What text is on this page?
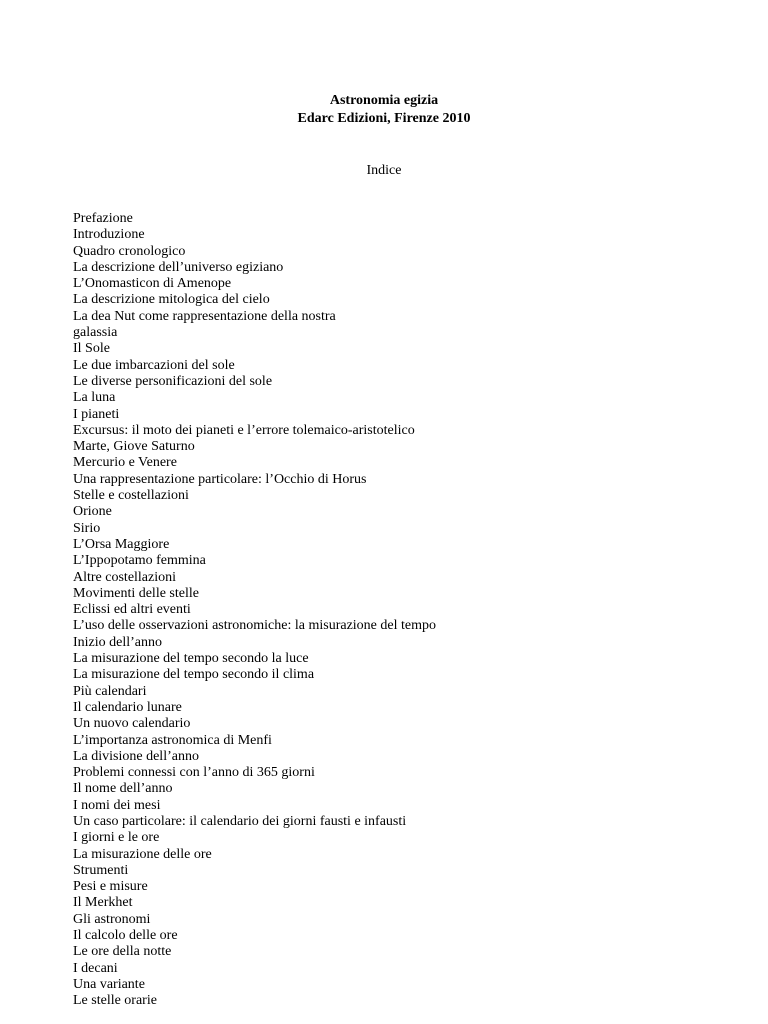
Astronomia egizia
Edarc Edizioni, Firenze 2010
Indice
Prefazione
Introduzione
Quadro cronologico
La descrizione dell’universo egiziano
L’Onomasticon di Amenope
La descrizione mitologica del cielo
La dea Nut come rappresentazione della nostra
galassia
Il Sole
Le due imbarcazioni del sole
Le diverse personificazioni del sole
La luna
I pianeti
Excursus: il moto dei pianeti e l’errore tolemaico-aristotelico
Marte, Giove Saturno
Mercurio e Venere
Una rappresentazione particolare: l’Occhio di Horus
Stelle e costellazioni
Orione
Sirio
L’Orsa Maggiore
L’Ippopotamo femmina
Altre costellazioni
Movimenti delle stelle
Eclissi ed altri eventi
L’uso delle osservazioni astronomiche: la misurazione del tempo
Inizio dell’anno
La misurazione del tempo secondo la luce
La misurazione del tempo secondo il clima
Più calendari
Il calendario lunare
Un nuovo calendario
L’importanza astronomica di Menfi
La divisione dell’anno
Problemi connessi con l’anno di 365 giorni
Il nome dell’anno
I nomi dei mesi
Un caso particolare: il calendario dei giorni fausti e infausti
I giorni e le ore
La misurazione delle ore
Strumenti
Pesi e misure
Il Merkhet
Gli astronomi
Il calcolo delle ore
Le ore della notte
I decani
Una variante
Le stelle orarie
